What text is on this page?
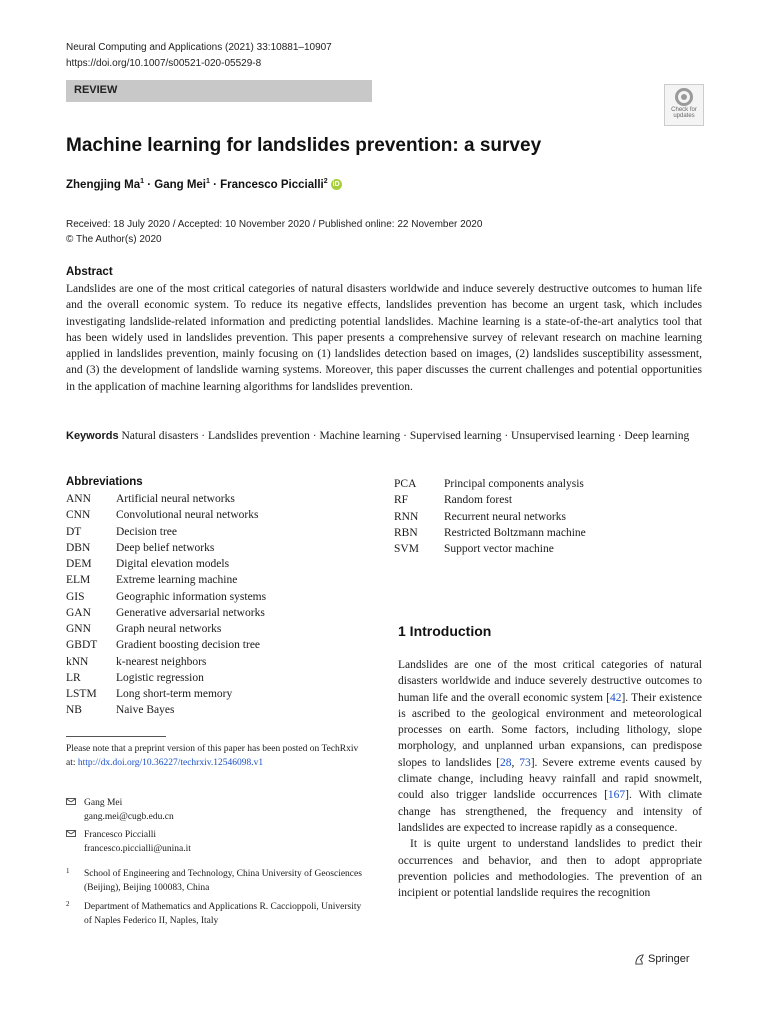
Neural Computing and Applications (2021) 33:10881–10907
https://doi.org/10.1007/s00521-020-05529-8
REVIEW
Check for
updates
Machine learning for landslides prevention: a survey
Zhengjing $Ma^1$ · Gang Mei$^1$ · Francesco Piccialli$^2$ iD
Received: 18 July 2020 / Accepted: 10 November 2020 / Published online: 22 November 2020
© The Author(s) 2020
Abstract
Landslides are one of the most critical categories of natural disasters worldwide and induce severely destructive outcomes to human life and the overall economic system. To reduce its negative effects, landslides prevention has become an urgent task, which includes investigating landslide-related information and predicting potential landslides. Machine learning is a state-of-the-art analytics tool that has been widely used in landslides prevention. This paper presents a comprehensive survey of relevant research on machine learning applied in landslides prevention, mainly focusing on (1) landslides detection based on images, (2) landslides susceptibility assessment, and (3) the development of landslide warning systems. Moreover, this paper discusses the current challenges and potential opportunities in the application of machine learning algorithms for landslides prevention.
Keywords Natural disasters · Landslides prevention · Machine learning · Supervised learning · Unsupervised learning · Deep learning
Abbreviations
ANN Artificial neural networks
CNN Convolutional neural networks
DT	Decision tree
DBN Deep belief networks
DEM Digital elevation models
ELM Extreme learning machine
GIS	Geographic information systems
GAN Generative adversarial networks
GNN Graph neural networks
GBDT Gradient boosting decision tree
kNN k-nearest neighbors
LR	Logistic regression
LSTM Long short-term memory
NB	Naive Bayes
PCA Principal components analysis
RF	Random forest
RNN Recurrent neural networks
RBN Restricted Boltzmann machine
SVM Support vector machine
Please note that a preprint version of this paper has been posted on TechRxiv at: http://dx.doi.org/10.36227/techrxiv.12546098.v1
Gang Mei
gang.mei@cugb.edu.cn
Francesco Piccialli
francesco.piccialli@unina.it
1	School of Engineering and Technology, China University of Geosciences (Beijing), Beijing 100083, China
2	Department of Mathematics and Applications R. Caccioppoli, University of Naples Federico II, Naples, Italy
1 Introduction

Landslides are one of the most critical categories of natural disasters worldwide and induce severely destructive outcomes to human life and the overall economic system [42]. Their existence is ascribed to the geological environment and meteorological processes on earth. Some factors, including lithology, slope morphology, and unplanned urban expansions, can predispose slopes to landslides [28, 73]. Severe extreme events caused by climate change, including heavy rainfall and rapid snowmelt, could also trigger landslide occurrences [167]. With climate change has strengthened, the frequency and intensity of landslides are expected to increase rapidly as a consequence.

It is quite urgent to understand landslides to predict their occurrences and behavior, and then to adopt appropriate prevention policies and methodologies. The prevention of an incipient or potential landslide requires the recognition

Springer
